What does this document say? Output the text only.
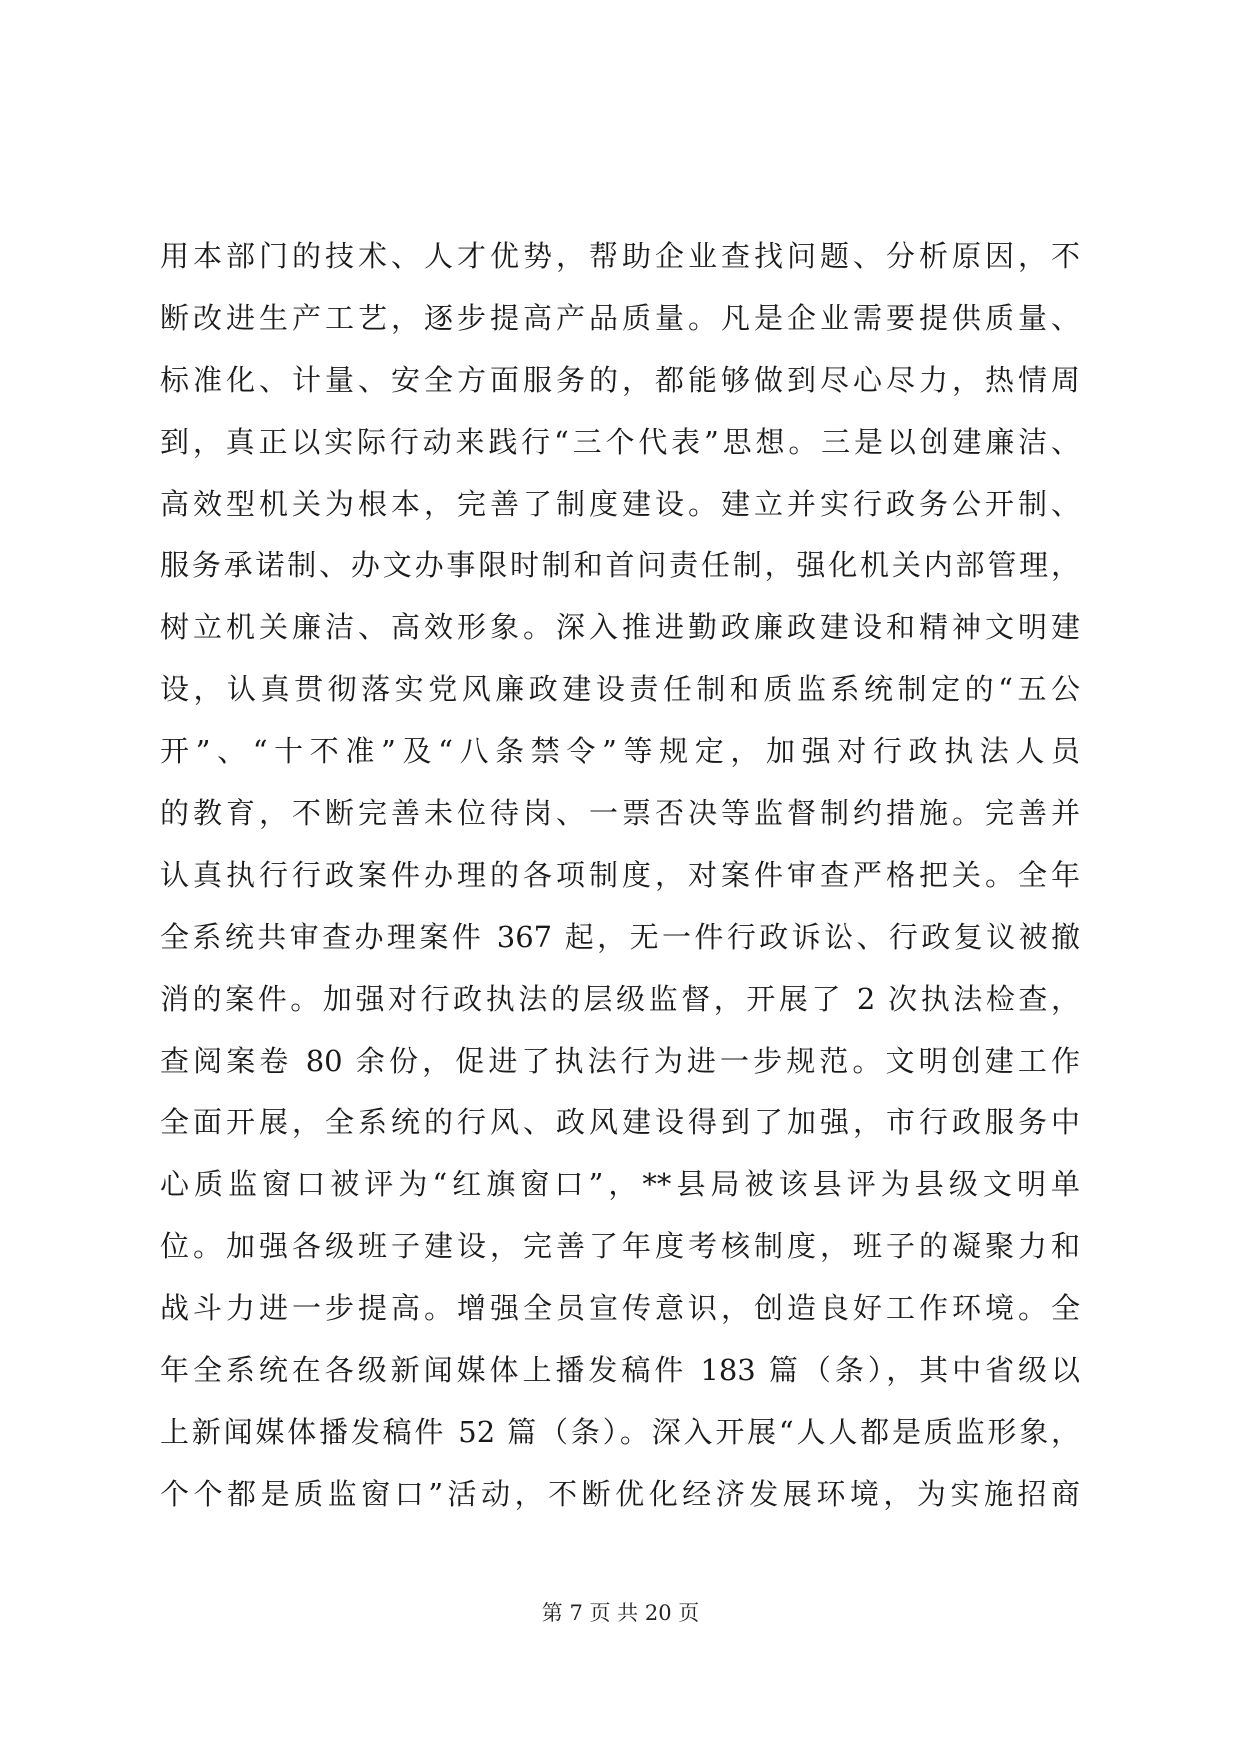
用本部门的技术、人才优势，帮助企业查找问题、分析原因，不
断改进生产工艺，逐步提高产品质量。凡是企业需要提供质量、
标准化、计量、安全方面服务的，都能够做到尽心尽力，热情周
到，真正以实际行动来践行“三个代表”思想。三是以创建廉洁、
高效型机关为根本，完善了制度建设。建立并实行政务公开制、
服务承诺制、办文办事限时制和首问责任制，强化机关内部管理，
树立机关廉洁、高效形象。深入推进勤政廉政建设和精神文明建
设，认真贯彻落实党风廉政建设责任制和质监系统制定的“五公
开”、“十不准”及“八条禁令”等规定，加强对行政执法人员
的教育，不断完善未位待岗、一票否决等监督制约措施。完善并
认真执行行政案件办理的各项制度，对案件审查严格把关。全年
全系统共审查办理案件 367 起，无一件行政诉讼、行政复议被撤
消的案件。加强对行政执法的层级监督，开展了 2 次执法检查，
查阅案卷 80 余份，促进了执法行为进一步规范。文明创建工作
全面开展，全系统的行风、政风建设得到了加强，市行政服务中
心质监窗口被评为“红旗窗口”，**县局被该县评为县级文明单
位。加强各级班子建设，完善了年度考核制度，班子的凝聚力和
战斗力进一步提高。增强全员宣传意识，创造良好工作环境。全
年全系统在各级新闻媒体上播发稿件 183 篇（条），其中省级以
上新闻媒体播发稿件 52 篇（条）。深入开展“人人都是质监形象，
个个都是质监窗口”活动，不断优化经济发展环境，为实施招商
第 7 页 共 20 页
